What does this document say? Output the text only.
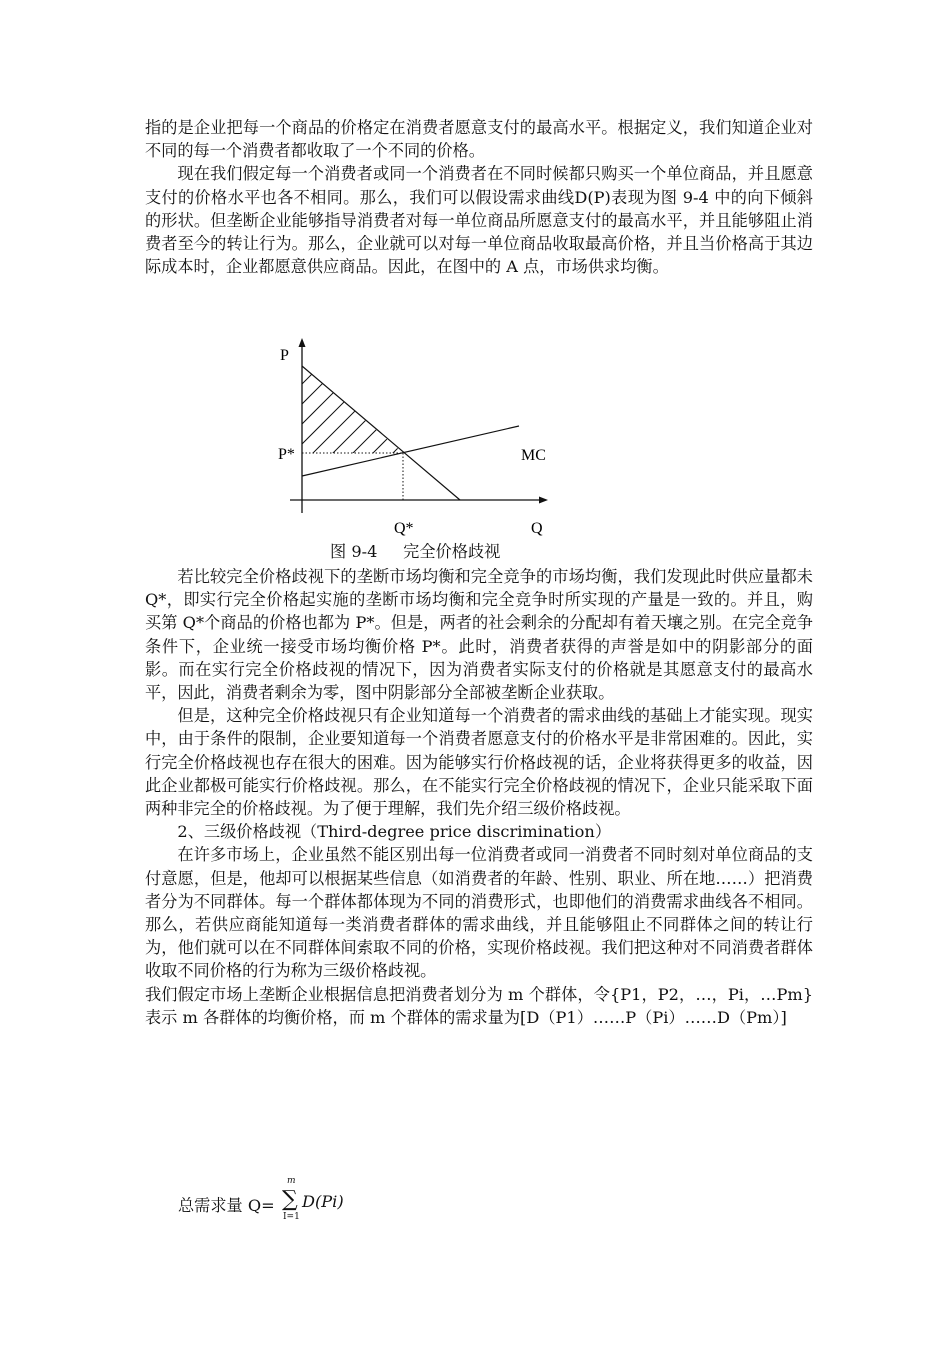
指的是企业把每一个商品的价格定在消费者愿意支付的最高水平。根据定义，我们知道企业对不同的每一个消费者都收取了一个不同的价格。

现在我们假定每一个消费者或同一个消费者在不同时候都只购买一个单位商品，并且愿意支付的价格水平也各不相同。那么，我们可以假设需求曲线D(P)表现为图 9-4 中的向下倾斜的形状。但垄断企业能够指导消费者对每一单位商品所愿意支付的最高水平，并且能够阻止消费者至今的转让行为。那么，企业就可以对每一单位商品收取最高价格，并且当价格高于其边际成本时，企业都愿意供应商品。因此，在图中的 A 点，市场供求均衡。

P
P*	MC
Q*	Q
图 9-4     完全价格歧视

若比较完全价格歧视下的垄断市场均衡和完全竞争的市场均衡，我们发现此时供应量都未 Q*，即实行完全价格起实施的垄断市场均衡和完全竞争时所实现的产量是一致的。并且，购买第 Q*个商品的价格也都为 P*。但是，两者的社会剩余的分配却有着天壤之别。在完全竞争条件下，企业统一接受市场均衡价格 P*。此时，消费者获得的声誉是如中的阴影部分的面影。而在实行完全价格歧视的情况下，因为消费者实际支付的价格就是其愿意支付的最高水平，因此，消费者剩余为零，图中阴影部分全部被垄断企业获取。

但是，这种完全价格歧视只有企业知道每一个消费者的需求曲线的基础上才能实现。现实中，由于条件的限制，企业要知道每一个消费者愿意支付的价格水平是非常困难的。因此，实行完全价格歧视也存在很大的困难。因为能够实行价格歧视的话，企业将获得更多的收益，因此企业都极可能实行价格歧视。那么，在不能实行完全价格歧视的情况下，企业只能采取下面两种非完全的价格歧视。为了便于理解，我们先介绍三级价格歧视。

2、三级价格歧视（Third-degree price discrimination）

在许多市场上，企业虽然不能区别出每一位消费者或同一消费者不同时刻对单位商品的支付意愿，但是，他却可以根据某些信息（如消费者的年龄、性别、职业、所在地……）把消费者分为不同群体。每一个群体都体现为不同的消费形式，也即他们的消费需求曲线各不相同。那么，若供应商能知道每一类消费者群体的需求曲线，并且能够阻止不同群体之间的转让行为，他们就可以在不同群体间索取不同的价格，实现价格歧视。我们把这种对不同消费者群体收取不同价格的行为称为三级价格歧视。

我们假定市场上垄断企业根据信息把消费者划分为 m 个群体，令{P1，P2，…，Pi，…Pm}表示 m 各群体的均衡价格，而 m 个群体的需求量为[D（P1）……P（Pi）……D（Pm）]

总需求量 Q=
m
∑
I=1
D(Pi)
